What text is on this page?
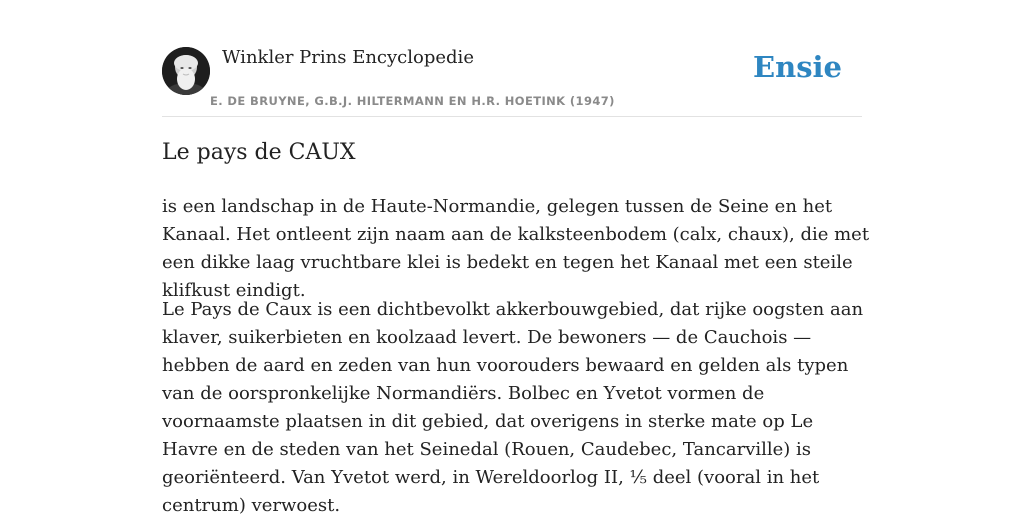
Winkler Prins Encyclopedie
E. DE BRUYNE, G.B.J. HILTERMANN EN H.R. HOETINK (1947)
Ensie
Le pays de CAUX

is een landschap in de Haute-Normandie, gelegen tussen de Seine en het Kanaal. Het ontleent zijn naam aan de kalksteenbodem (calx, chaux), die met een dikke laag vruchtbare klei is bedekt en tegen het Kanaal met een steile klifkust eindigt.

Le Pays de Caux is een dichtbevolkt akkerbouwgebied, dat rijke oogsten aan klaver, suikerbieten en koolzaad levert. De bewoners — de Cauchois — hebben de aard en zeden van hun voorouders bewaard en gelden als typen van de oorspronkelijke Normandiërs. Bolbec en Yvetot vormen de voornaamste plaatsen in dit gebied, dat overigens in sterke mate op Le Havre en de steden van het Seinedal (Rouen, Caudebec, Tancarville) is georiënteerd. Van Yvetot werd, in Wereldoorlog II, ⅕ deel (vooral in het centrum) verwoest.
